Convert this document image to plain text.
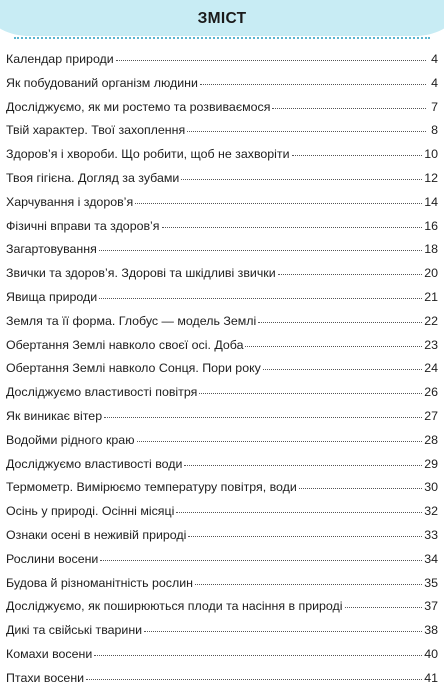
ЗМІСТ
Календар природи	4
Як побудований організм людини	4
Досліджуємо, як ми ростемо та розвиваємося	7
Твій характер. Твої захоплення	8
Здоров’я і хвороби. Що робити, щоб не захворіти	10
Твоя гігієна. Догляд за зубами	12
Харчування і здоров’я	14
Фізичні вправи та здоров’я	16
Загартовування	18
Звички та здоров’я. Здорові та шкідливі звички	20
Явища природи	21
Земля та її форма. Глобус — модель Землі	22
Обертання Землі навколо своєї осі. Доба	23
Обертання Землі навколо Сонця. Пори року	24
Досліджуємо властивості повітря	26
Як виникає вітер	27
Водойми рідного краю	28
Досліджуємо властивості води	29
Термометр. Вимірюємо температуру повітря, води	30
Осінь у природі. Осінні місяці	32
Ознаки осені в неживій природі	33
Рослини восени	34
Будова й різноманітність рослин	35
Досліджуємо, як поширюються плоди та насіння в природі	37
Дикі та свійські тварини	38
Комахи восени	40
Птахи восени	41
